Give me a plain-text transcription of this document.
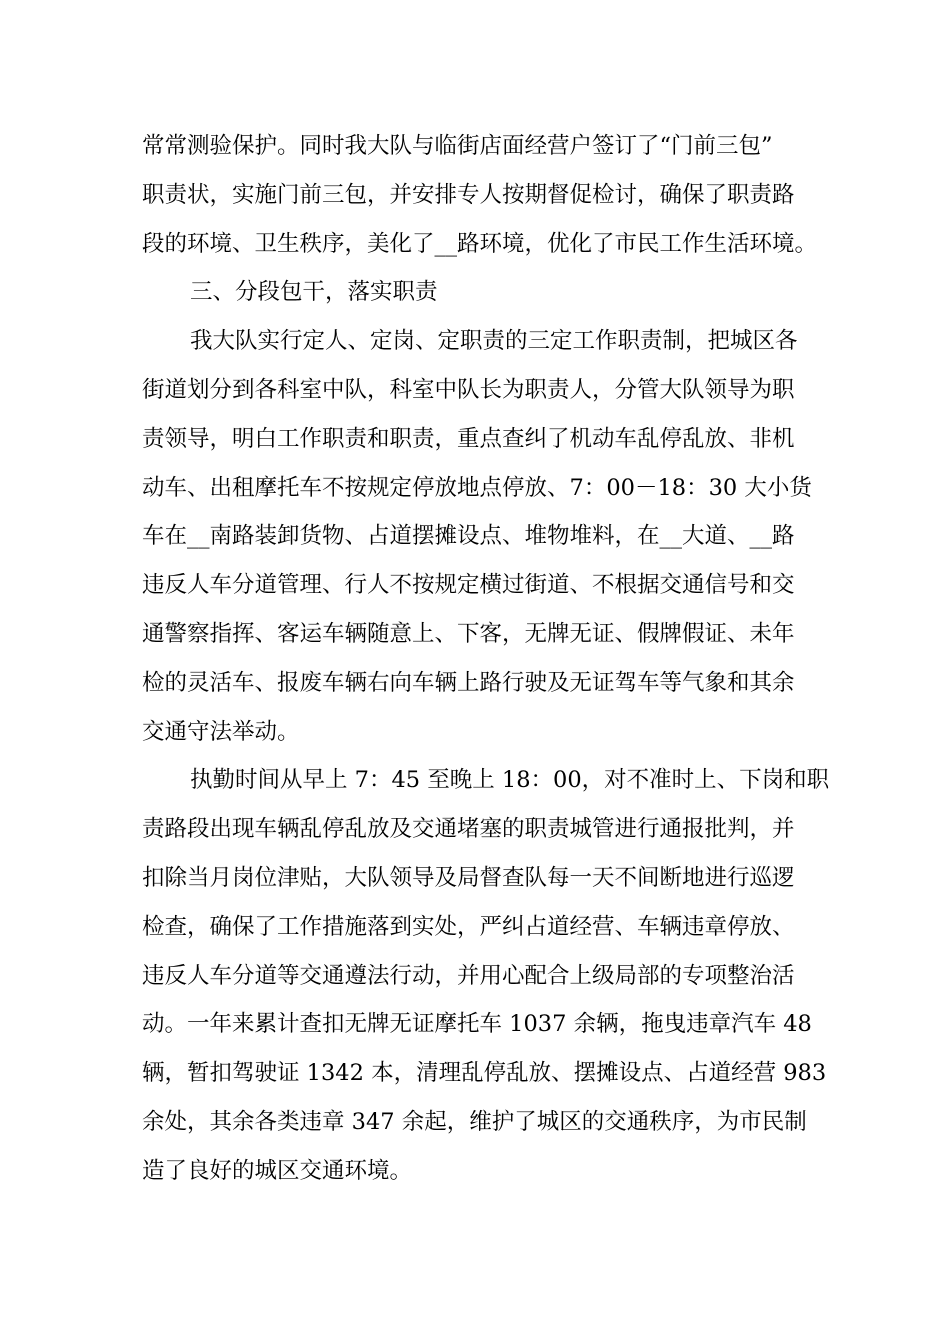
常常测验保护。同时我大队与临街店面经营户签订了“门前三包”
职责状，实施门前三包，并安排专人按期督促检讨，确保了职责路
段的环境、卫生秩序，美化了__路环境，优化了市民工作生活环境。
三、分段包干，落实职责
我大队实行定人、定岗、定职责的三定工作职责制，把城区各
街道划分到各科室中队，科室中队长为职责人，分管大队领导为职
责领导，明白工作职责和职责，重点查纠了机动车乱停乱放、非机
动车、出租摩托车不按规定停放地点停放、7：00－18：30 大小货
车在__南路装卸货物、占道摆摊设点、堆物堆料，在__大道、__路
违反人车分道管理、行人不按规定横过街道、不根据交通信号和交
通警察指挥、客运车辆随意上、下客，无牌无证、假牌假证、未年
检的灵活车、报废车辆右向车辆上路行驶及无证驾车等气象和其余
交通守法举动。
执勤时间从早上 7：45 至晚上 18：00，对不准时上、下岗和职
责路段出现车辆乱停乱放及交通堵塞的职责城管进行通报批判，并
扣除当月岗位津贴，大队领导及局督查队每一天不间断地进行巡逻
检查，确保了工作措施落到实处，严纠占道经营、车辆违章停放、
违反人车分道等交通遵法行动，并用心配合上级局部的专项整治活
动。一年来累计查扣无牌无证摩托车 1037 余辆，拖曳违章汽车 48
辆，暂扣驾驶证 1342 本，清理乱停乱放、摆摊设点、占道经营 983
余处，其余各类违章 347 余起，维护了城区的交通秩序，为市民制
造了良好的城区交通环境。
